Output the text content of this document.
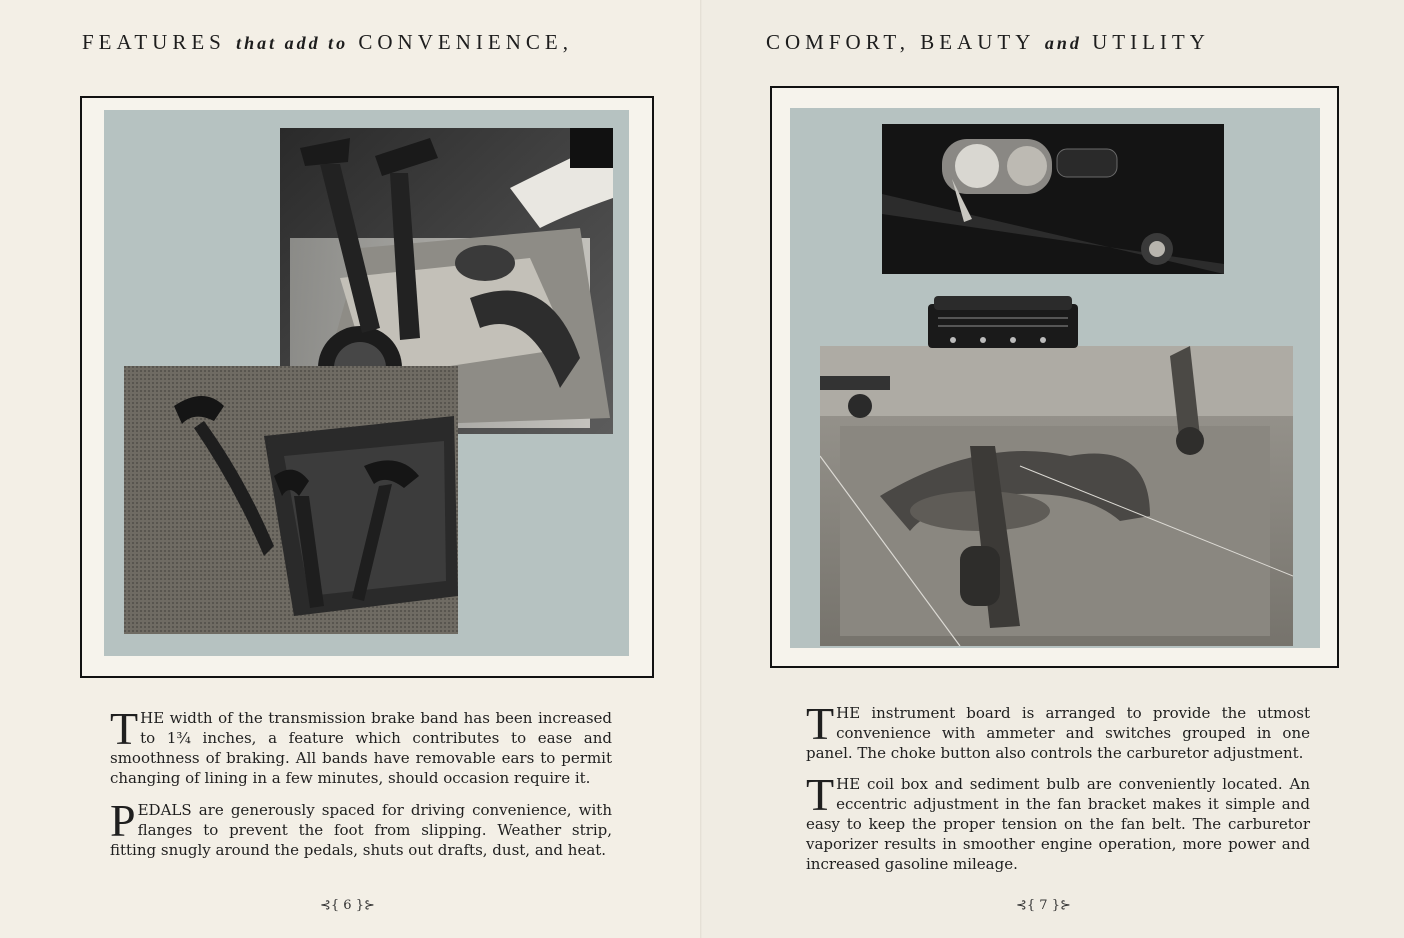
FEATURES that add to CONVENIENCE,
THE width of the transmission brake band has been increased to 1¾ inches, a feature which contributes to ease and smoothness of braking. All bands have removable ears to permit changing of lining in a few minutes, should occasion require it.
PEDALS are generously spaced for driving convenience, with flanges to prevent the foot from slipping. Weather strip, fitting snugly around the pedals, shuts out drafts, dust, and heat.
⊰{ 6 }⊱
COMFORT, BEAUTY and UTILITY
THE instrument board is arranged to provide the utmost convenience with ammeter and switches grouped in one panel. The choke button also controls the carburetor adjustment.
THE coil box and sediment bulb are conveniently located. An eccentric adjustment in the fan bracket makes it simple and easy to keep the proper tension on the fan belt. The carburetor vaporizer results in smoother engine operation, more power and increased gasoline mileage.
⊰{ 7 }⊱
